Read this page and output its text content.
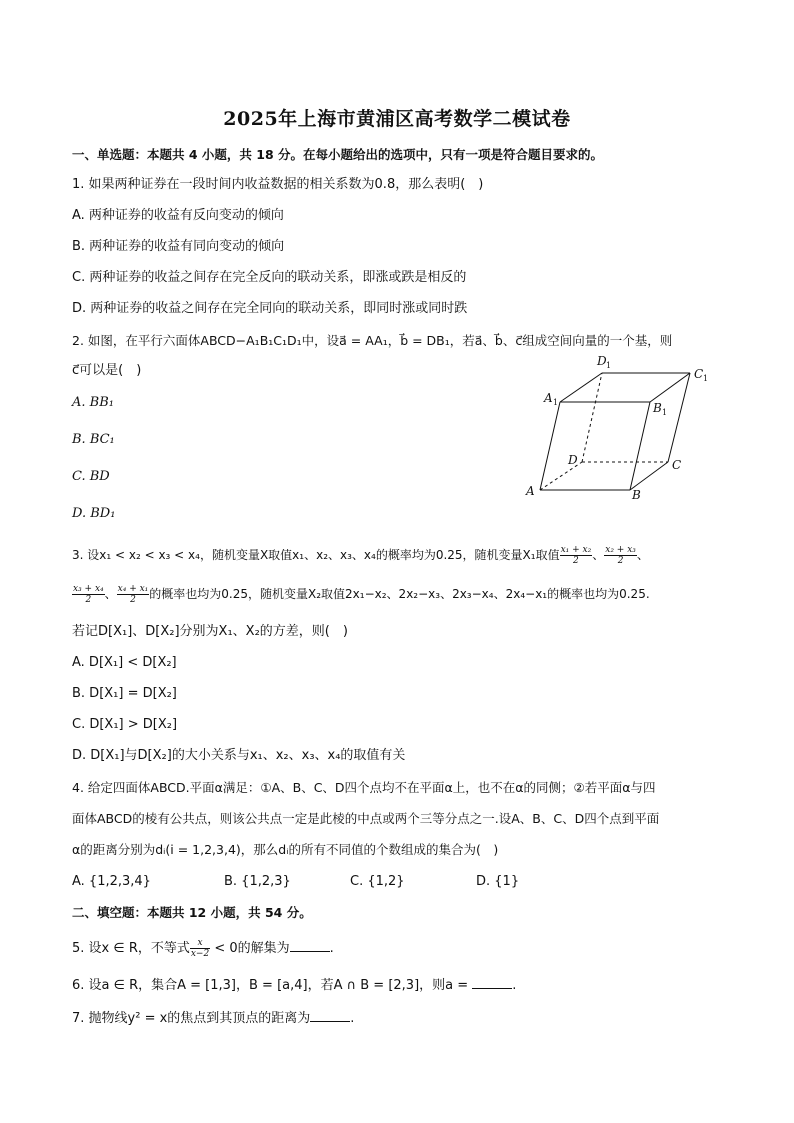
2025年上海市黄浦区高考数学二模试卷
一、单选题：本题共 4 小题，共 18 分。在每小题给出的选项中，只有一项是符合题目要求的。
1. 如果两种证券在一段时间内收益数据的相关系数为0.8，那么表明(　)
A. 两种证券的收益有反向变动的倾向
B. 两种证券的收益有同向变动的倾向
C. 两种证券的收益之间存在完全反向的联动关系，即涨或跌是相反的
D. 两种证券的收益之间存在完全同向的联动关系，即同时涨或同时跌
2. 如图，在平行六面体ABCD−A₁B₁C₁D₁中，设a⃗ = AA₁，b⃗ = DB₁，若a⃗、b⃗、c⃗组成空间向量的一个基，则
c⃗可以是(　)
A. BB₁
B. BC₁
C. BD
D. BD₁
A	B
C
D
A 1	B 1
C 1
D 1
3. 设x₁ < x₂ < x₃ < x₄，随机变量X取值x₁、x₂、x₃、x₄的概率均为0.25，随机变量X₁取值 $\frac{\text{x₁ + x₂}}{2}$ 、 $\frac{\text{x₂ + x₃}}{2}$ 、
$\frac{\text{x₃ + x₄}}{2}$ 、 $\frac{\text{x₄ + x₁}}{2}$ 的概率也均为0.25，随机变量X₂取值2x₁−x₂、2x₂−x₃、2x₃−x₄、2x₄−x₁的概率也均为0.25.
若记D[X₁]、D[X₂]分别为X₁、X₂的方差，则(　)
A. D[X₁] < D[X₂]
B. D[X₁] = D[X₂]
C. D[X₁] > D[X₂]
D. D[X₁]与D[X₂]的大小关系与x₁、x₂、x₃、x₄的取值有关
4. 给定四面体ABCD.平面α满足：①A、B、C、D四个点均不在平面α上，也不在α的同侧；②若平面α与四
面体ABCD的棱有公共点，则该公共点一定是此棱的中点或两个三等分点之一.设A、B、C、D四个点到平面
α的距离分别为dᵢ(i = 1,2,3,4)，那么dᵢ的所有不同值的个数组成的集合为(　)
A. {1,2,3,4}	B. {1,2,3}	C. {1,2}	D. {1}
二、填空题：本题共 12 小题，共 54 分。
5. 设x ∈ R，不等式 $\frac{x}{x-2} < 0$的解集为	.
6. 设a ∈ R，集合A = [1,3]，B = [a,4]，若A ∩ B = [2,3]，则a =	.
7. 抛物线y² = x的焦点到其顶点的距离为	.
